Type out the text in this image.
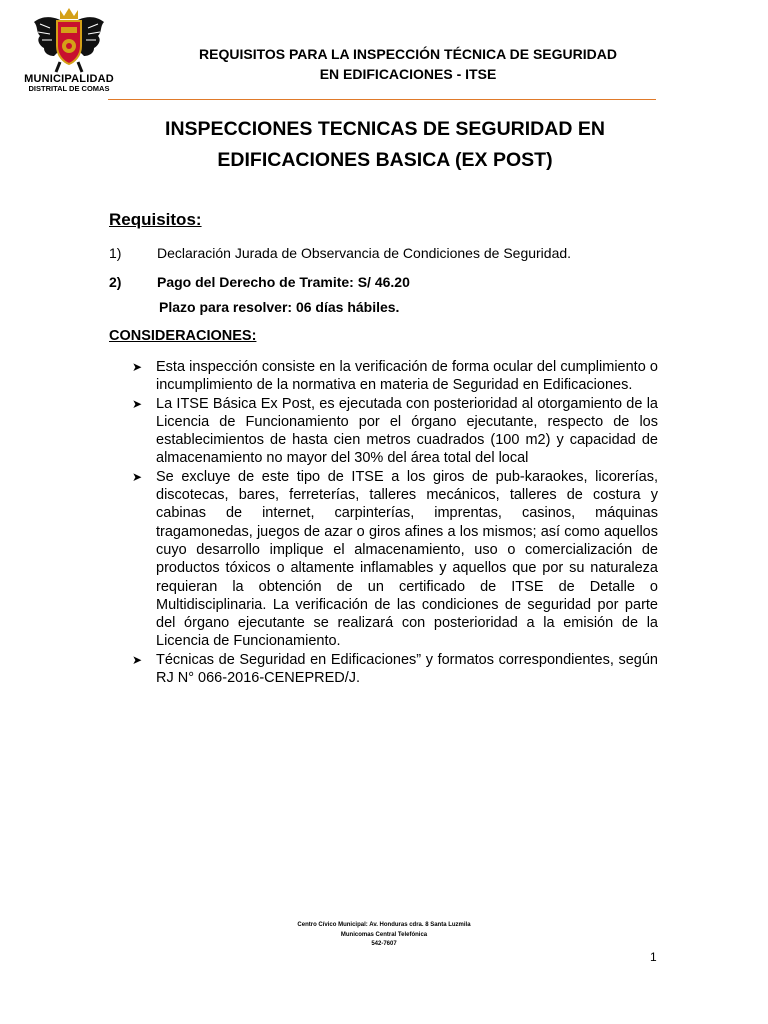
MUNICIPALIDAD
DISTRITAL DE COMAS
REQUISITOS PARA LA INSPECCIÓN TÉCNICA DE SEGURIDAD
EN EDIFICACIONES - ITSE
INSPECCIONES TECNICAS DE SEGURIDAD EN
EDIFICACIONES BASICA (EX POST)
Requisitos:
1)	Declaración Jurada de Observancia de Condiciones de Seguridad.
2)	Pago del Derecho de Tramite: S/ 46.20
Plazo para resolver: 06 días hábiles.
CONSIDERACIONES:
➤ Esta inspección consiste en la verificación de forma ocular del cumplimiento o incumplimiento de la normativa en materia de Seguridad en Edificaciones.
➤ La ITSE Básica Ex Post, es ejecutada con posterioridad al otorgamiento de la Licencia de Funcionamiento por el órgano ejecutante, respecto de los establecimientos de hasta cien metros cuadrados (100 m2) y capacidad de almacenamiento no mayor del 30% del área total del local
➤ Se excluye de este tipo de ITSE a los giros de pub-karaokes, licorerías, discotecas, bares, ferreterías, talleres mecánicos, talleres de costura y cabinas de internet, carpinterías, imprentas, casinos, máquinas tragamonedas, juegos de azar o giros afines a los mismos; así como aquellos cuyo desarrollo implique el almacenamiento, uso o comercialización de productos tóxicos o altamente inflamables y aquellos que por su naturaleza requieran la obtención de un certificado de ITSE de Detalle o Multidisciplinaria. La verificación de las condiciones de seguridad por parte del órgano ejecutante se realizará con posterioridad a la emisión de la Licencia de Funcionamiento.
➤ Técnicas de Seguridad en Edificaciones” y formatos correspondientes, según RJ N° 066-2016-CENEPRED/J.
Centro Cívico Municipal: Av. Honduras cdra. 8 Santa Luzmila
Municomas Central Telefónica
542-7607
1
